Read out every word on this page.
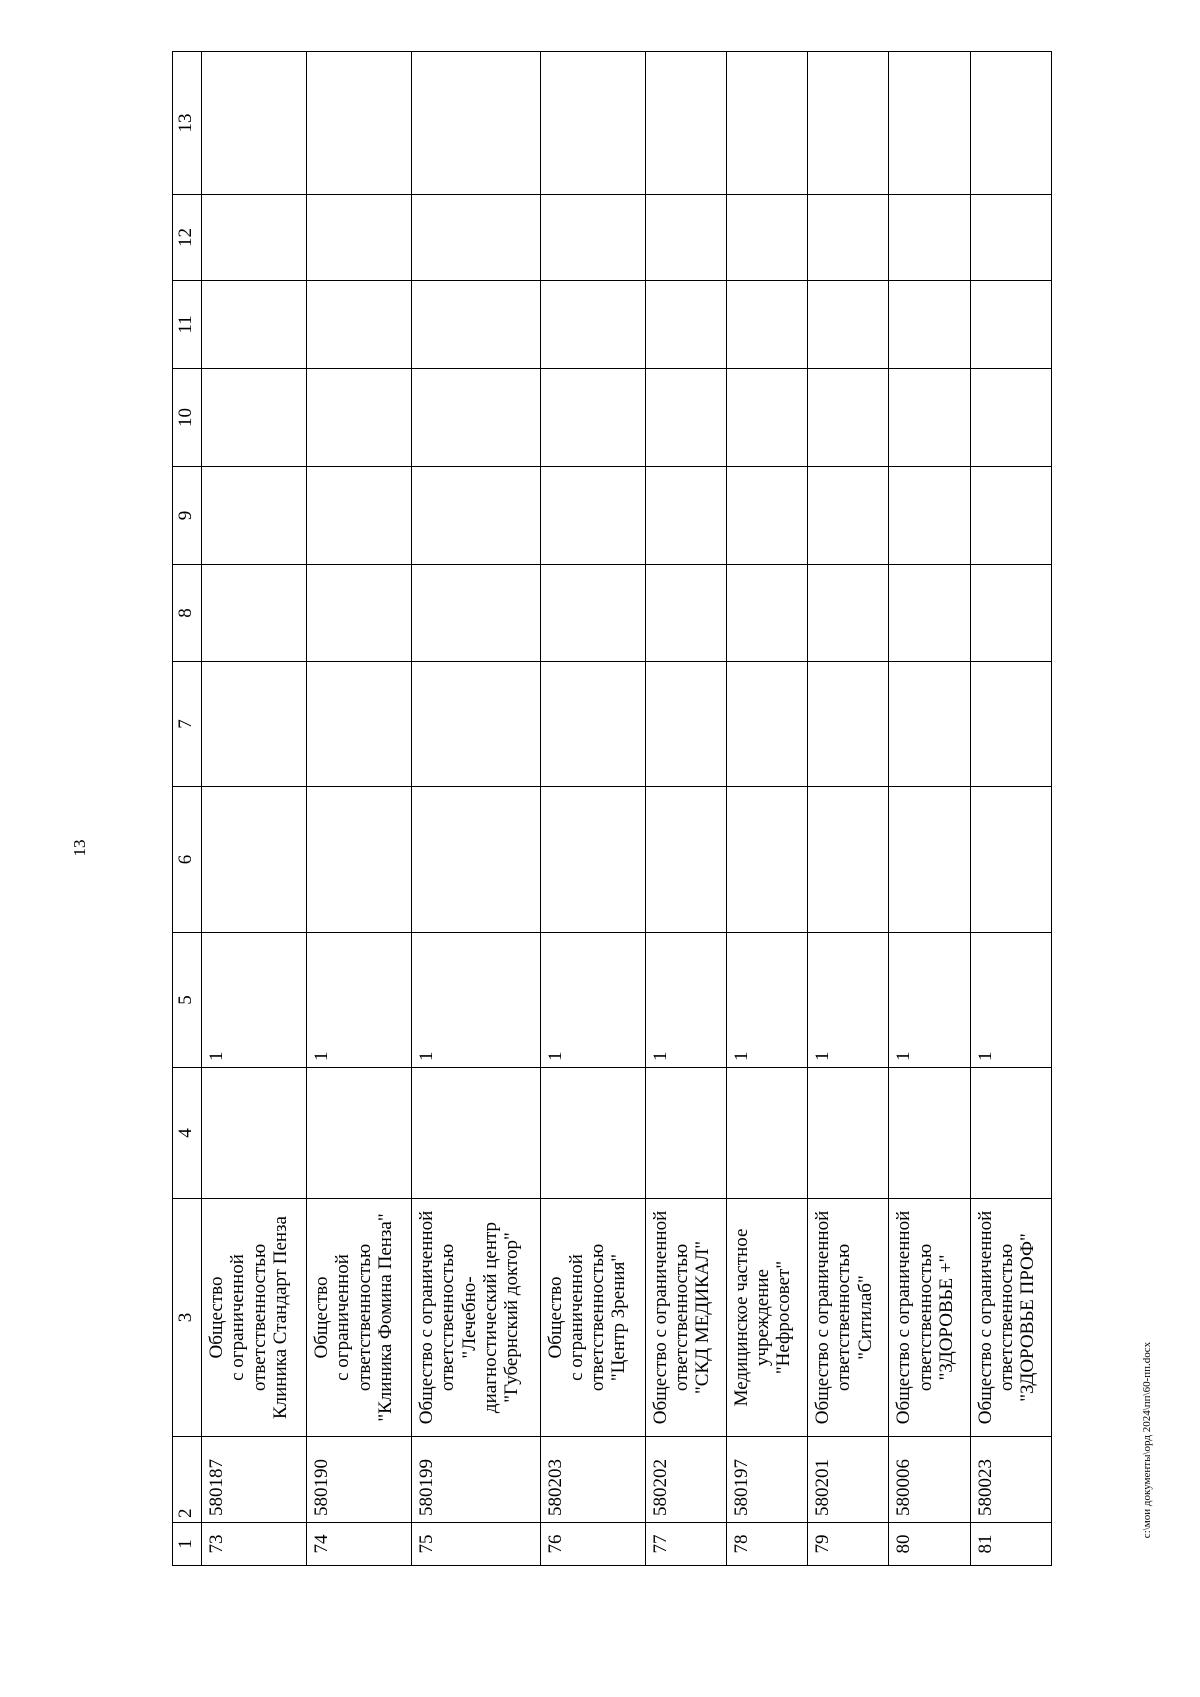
13
1	2	3	4	5	6	7	8	9	10	11	12	13
73	580187	Общество
с ограниченной
ответственностью
Клиника Стандарт Пенза		1								
74	580190	Общество
с ограниченной
ответственностью
"Клиника Фомина Пенза"		1								
75	580199	Общество с ограниченной
ответственностью
"Лечебно-
диагностический центр
"Губернский доктор"		1								
76	580203	Общество
с ограниченной
ответственностью
"Центр Зрения"		1								
77	580202	Общество с ограниченной
ответственностью
"СКД МЕДИКАЛ"		1								
78	580197	Медицинское частное
учреждение
"Нефросовет"		1								
79	580201	Общество с ограниченной
ответственностью
"Ситилаб"		1								
80	580006	Общество с ограниченной
ответственностью
"ЗДОРОВЬЕ +"		1								
81	580023	Общество с ограниченной
ответственностью
"ЗДОРОВЬЕ ПРОФ"		1								
c:\мои документы\орд 2024\пп\60-пп.docx
